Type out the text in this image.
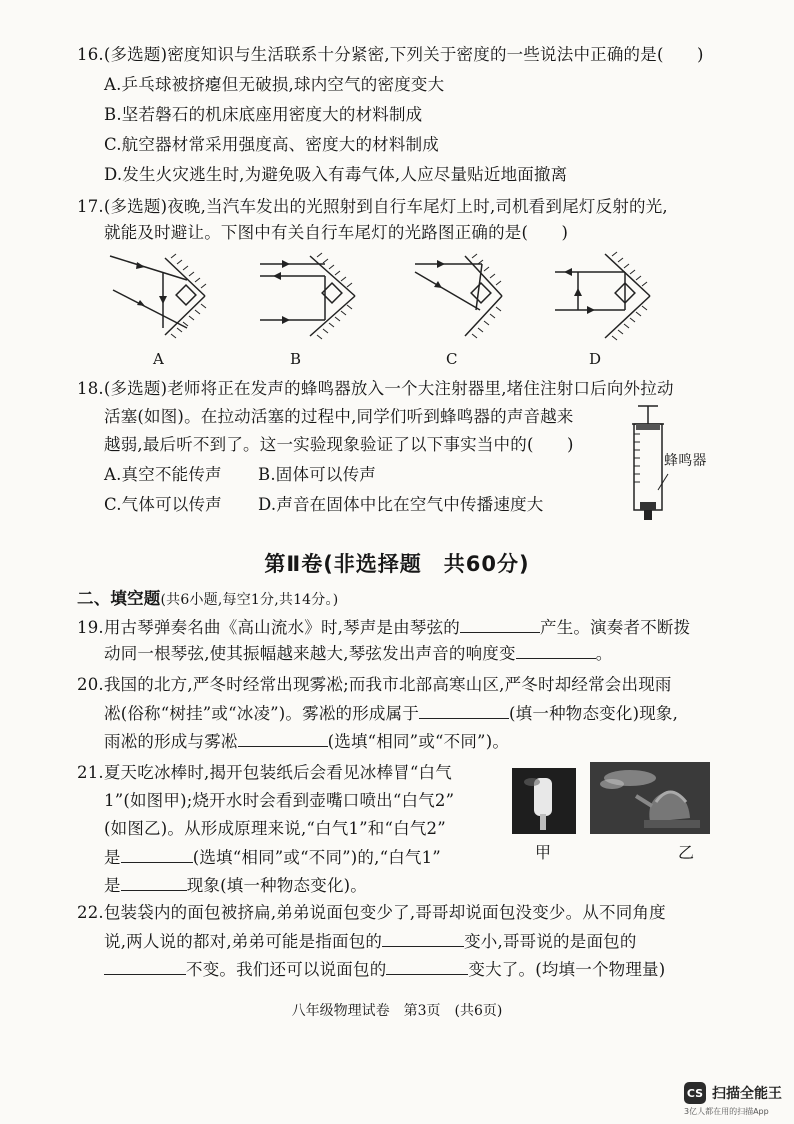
16.(多选题)密度知识与生活联系十分紧密,下列关于密度的一些说法中正确的是(　　)
A.乒乓球被挤瘪但无破损,球内空气的密度变大
B.坚若磐石的机床底座用密度大的材料制成
C.航空器材常采用强度高、密度大的材料制成
D.发生火灾逃生时,为避免吸入有毒气体,人应尽量贴近地面撤离
17.(多选题)夜晚,当汽车发出的光照射到自行车尾灯上时,司机看到尾灯反射的光,
就能及时避让。下图中有关自行车尾灯的光路图正确的是(　　)
A	B	C	D
18.(多选题)老师将正在发声的蜂鸣器放入一个大注射器里,堵住注射口后向外拉动
活塞(如图)。在拉动活塞的过程中,同学们听到蜂鸣器的声音越来
越弱,最后听不到了。这一实验现象验证了以下事实当中的(　　)
A.真空不能传声 B.固体可以传声
C.气体可以传声 D.声音在固体中比在空气中传播速度大
蜂鸣器
第Ⅱ卷(非选择题　共60分)
二、填空题(共6小题,每空1分,共14分。)
19.用古琴弹奏名曲《高山流水》时,琴声是由琴弦的	产生。演奏者不断拨
动同一根琴弦,使其振幅越来越大,琴弦发出声音的响度变	。
20.我国的北方,严冬时经常出现雾凇;而我市北部高寒山区,严冬时却经常会出现雨
凇(俗称“树挂”或“冰凌”)。雾凇的形成属于	(填一种物态变化)现象,
雨凇的形成与雾凇	(选填“相同”或“不同”)。
21.夏天吃冰棒时,揭开包装纸后会看见冰棒冒“白气
1”(如图甲);烧开水时会看到壶嘴口喷出“白气2”
(如图乙)。从形成原理来说,“白气1”和“白气2”
是	(选填“相同”或“不同”)的,“白气1”
是	现象(填一种物态变化)。
甲	乙
22.包装袋内的面包被挤扁,弟弟说面包变少了,哥哥却说面包没变少。从不同角度
说,两人说的都对,弟弟可能是指面包的	变小,哥哥说的是面包的
不变。我们还可以说面包的	变大了。(均填一个物理量)
八年级物理试卷　第3页　(共6页)
CS 扫描全能王
3亿人都在用的扫描App
